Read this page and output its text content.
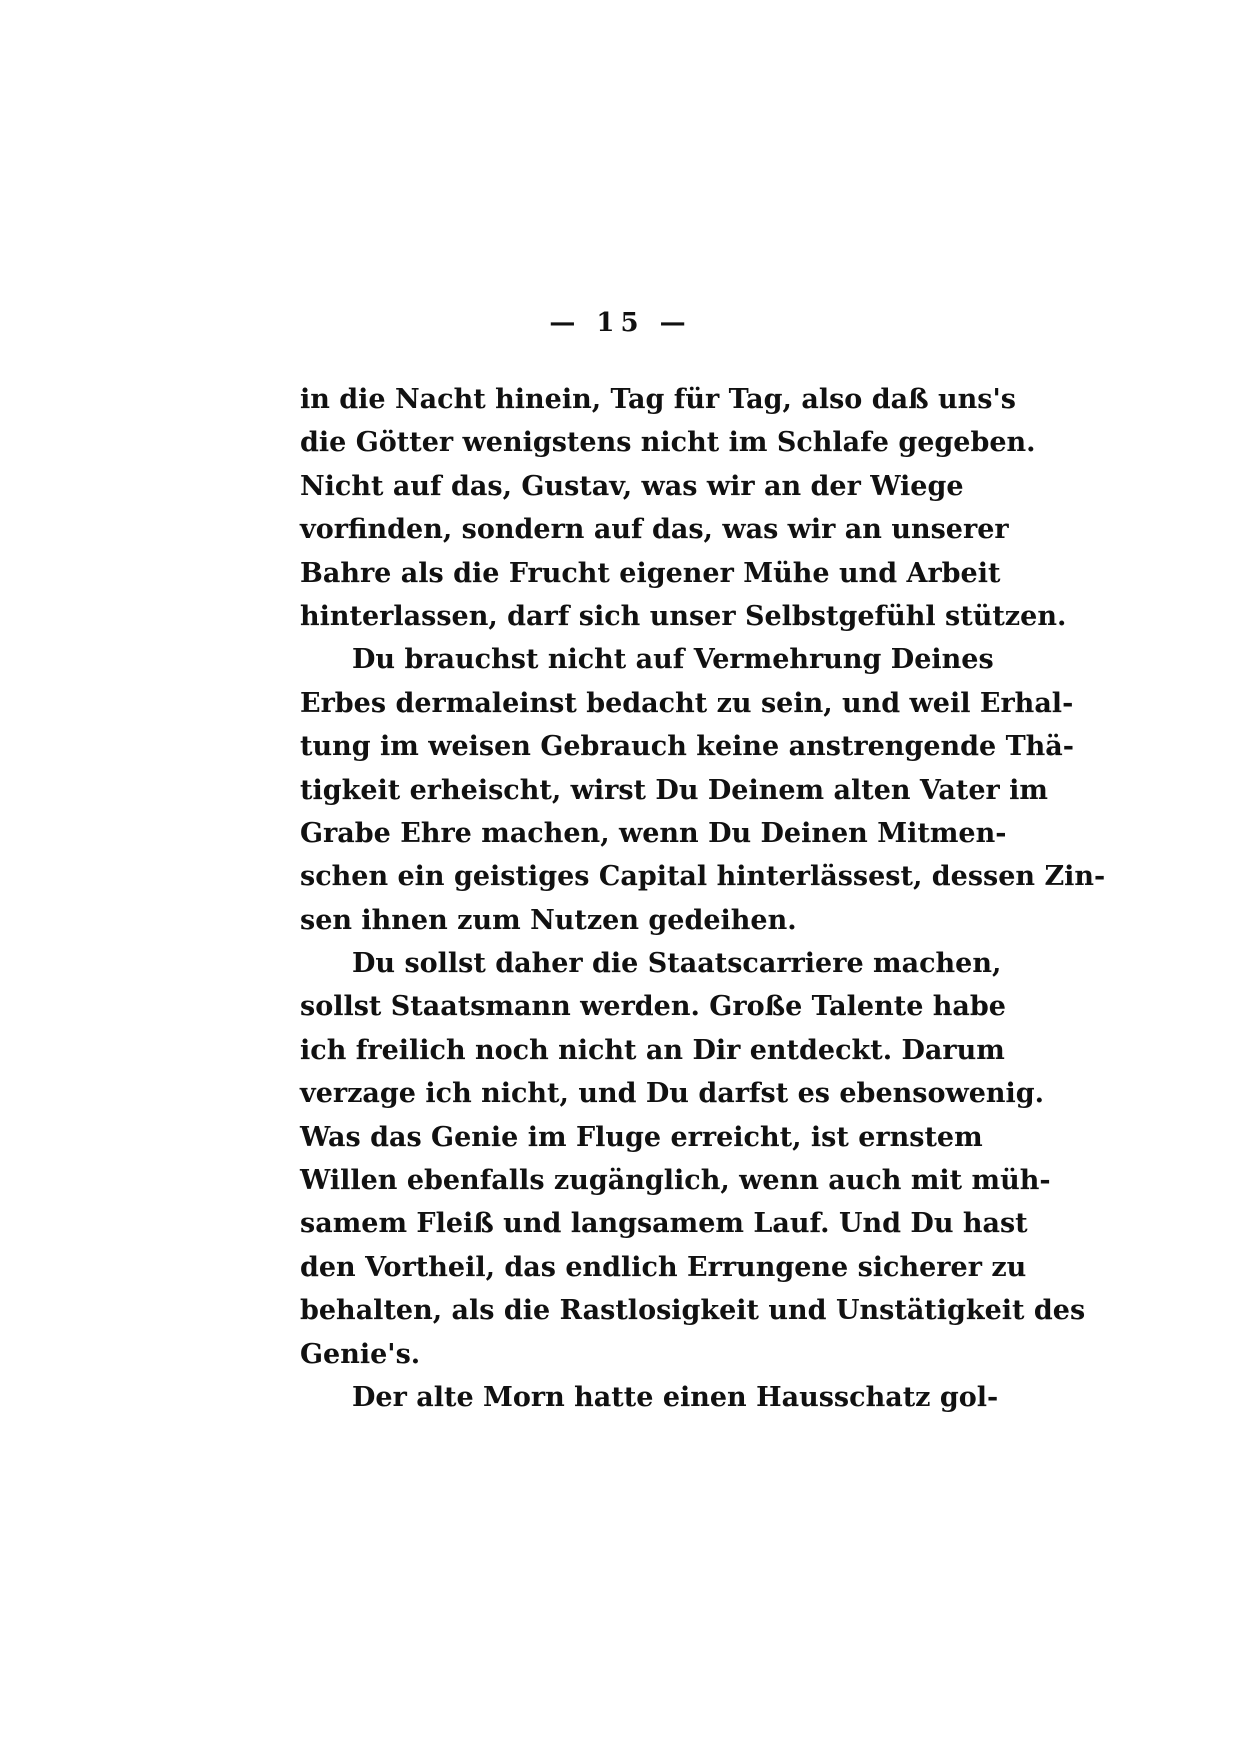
— 15 —
in die Nacht hinein, Tag für Tag, also daß uns's
die Götter wenigstens nicht im Schlafe gegeben.
Nicht auf das, Gustav, was wir an der Wiege
vorfinden, sondern auf das, was wir an unserer
Bahre als die Frucht eigener Mühe und Arbeit
hinterlassen, darf sich unser Selbstgefühl stützen.
Du brauchst nicht auf Vermehrung Deines
Erbes dermaleinst bedacht zu sein, und weil Erhal-
tung im weisen Gebrauch keine anstrengende Thä-
tigkeit erheischt, wirst Du Deinem alten Vater im
Grabe Ehre machen, wenn Du Deinen Mitmen-
schen ein geistiges Capital hinterlässest, dessen Zin-
sen ihnen zum Nutzen gedeihen.
Du sollst daher die Staatscarriere machen,
sollst Staatsmann werden. Große Talente habe
ich freilich noch nicht an Dir entdeckt. Darum
verzage ich nicht, und Du darfst es ebensowenig.
Was das Genie im Fluge erreicht, ist ernstem
Willen ebenfalls zugänglich, wenn auch mit müh-
samem Fleiß und langsamem Lauf. Und Du hast
den Vortheil, das endlich Errungene sicherer zu
behalten, als die Rastlosigkeit und Unstätigkeit des
Genie's.
Der alte Morn hatte einen Hausschatz gol-
